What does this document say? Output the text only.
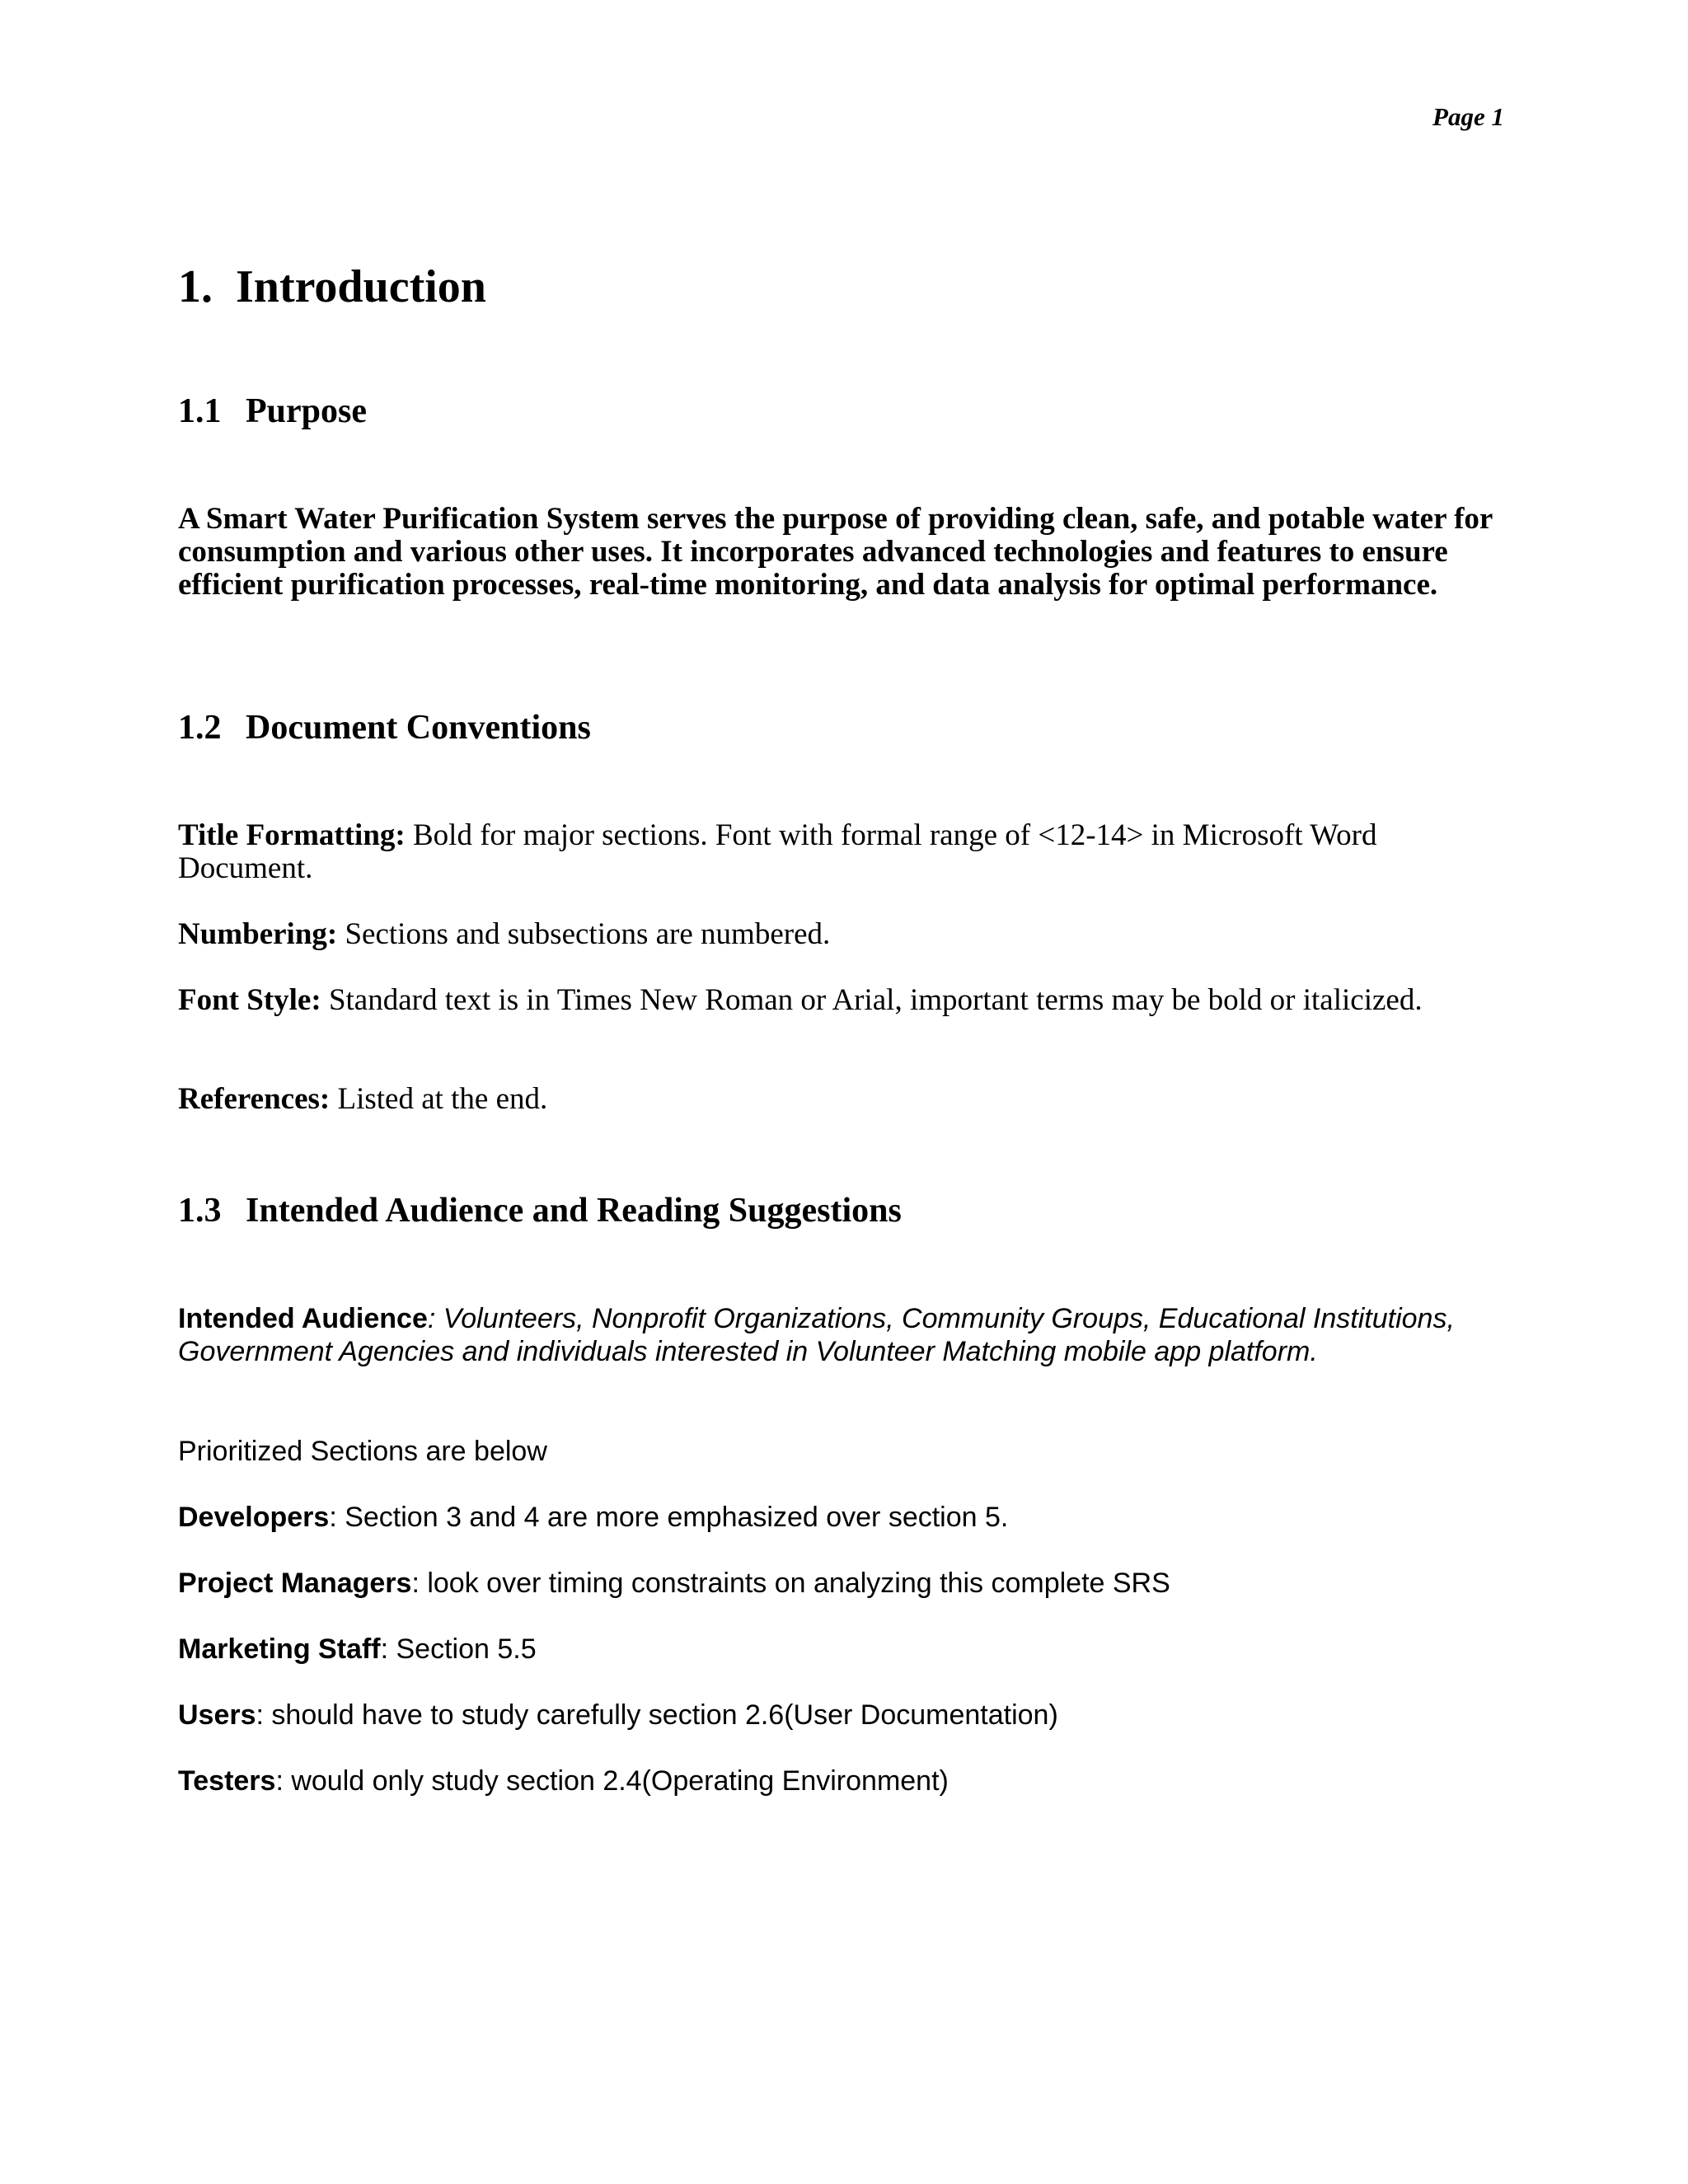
Page 1

1. Introduction
1.1 Purpose

A Smart Water Purification System serves the purpose of providing clean, safe, and potable water for consumption and various other uses. It incorporates advanced technologies and features to ensure efficient purification processes, real-time monitoring, and data analysis for optimal performance.

1.2 Document Conventions

Title Formatting: Bold for major sections. Font with formal range of <12-14> in Microsoft Word Document.

Numbering: Sections and subsections are numbered.

Font Style: Standard text is in Times New Roman or Arial, important terms may be bold or italicized.

References: Listed at the end.

1.3 Intended Audience and Reading Suggestions

Intended Audience: Volunteers, Nonprofit Organizations, Community Groups, Educational Institutions, Government Agencies and individuals interested in Volunteer Matching mobile app platform.

Prioritized Sections are below

Developers: Section 3 and 4 are more emphasized over section 5.

Project Managers: look over timing constraints on analyzing this complete SRS

Marketing Staff: Section 5.5

Users: should have to study carefully section 2.6(User Documentation)

Testers: would only study section 2.4(Operating Environment)
